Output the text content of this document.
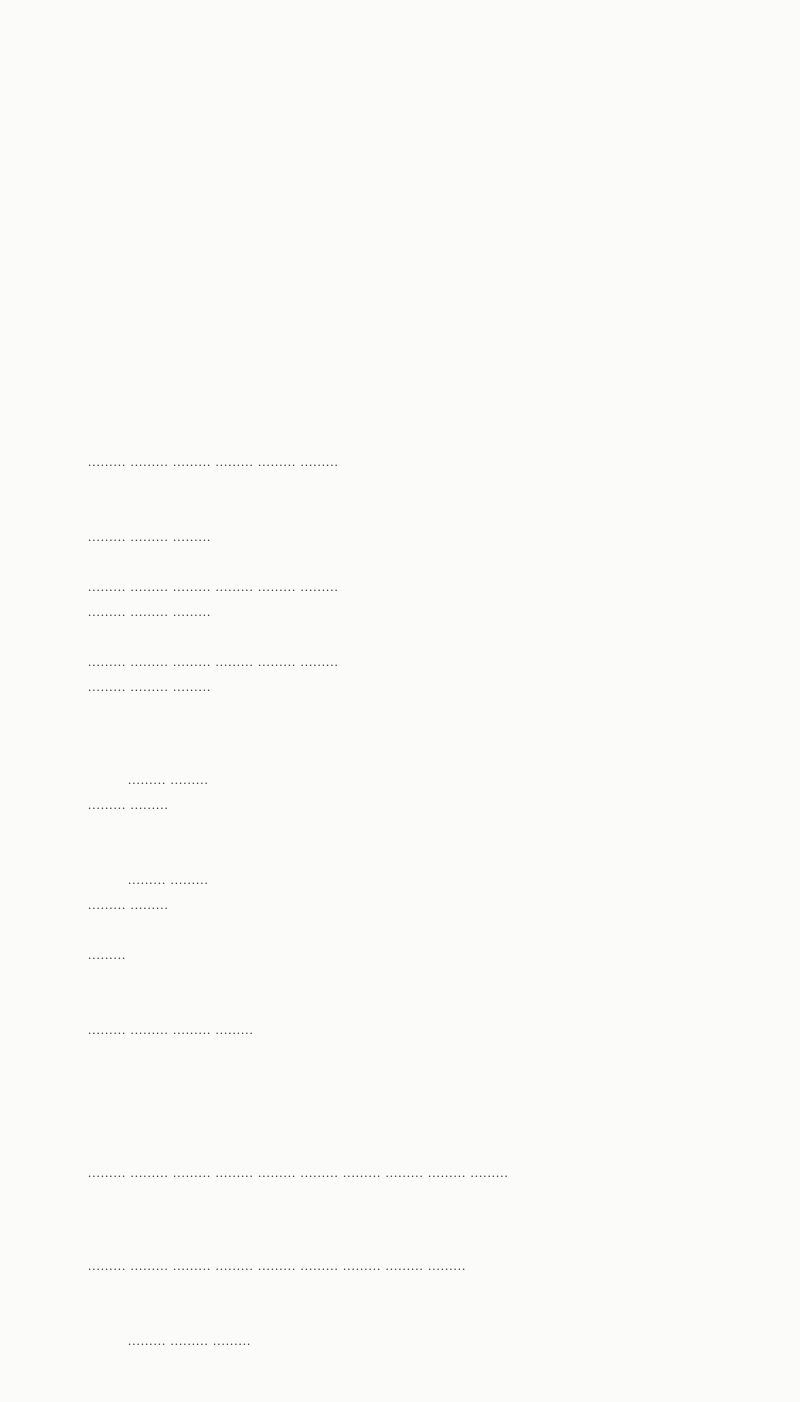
......... ......... ......... ......... ......... .........
......... ......... .........
......... ......... ......... ......... ......... .........
......... ......... .........
......... ......... ......... ......... ......... .........
......... ......... .........
......... .........
......... .........
......... .........
......... .........
.........
......... ......... ......... .........
......... ......... ......... ......... ......... ......... ......... ......... ......... .........
......... ......... ......... ......... ......... ......... ......... ......... .........
......... ......... .........
